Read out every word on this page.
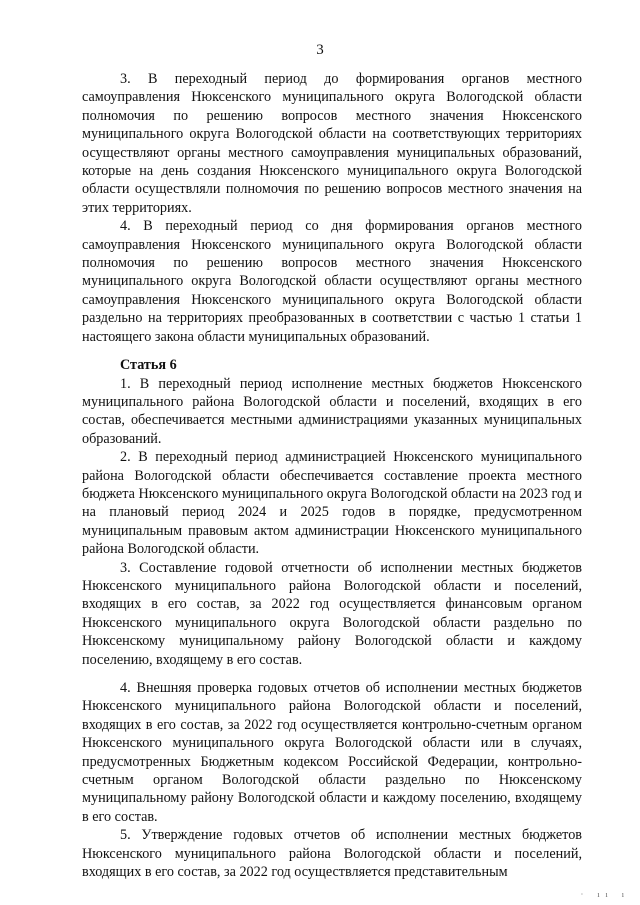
3

3. В переходный период до формирования органов местного самоуправления Нюксенского муниципального округа Вологодской области полномочия по решению вопросов местного значения Нюксенского муниципального округа Вологодской области на соответствующих территориях осуществляют органы местного самоуправления муниципальных образований, которые на день создания Нюксенского муниципального округа Вологодской области осуществляли полномочия по решению вопросов местного значения на этих территориях.

4. В переходный период со дня формирования органов местного самоуправления Нюксенского муниципального округа Вологодской области полномочия по решению вопросов местного значения Нюксенского муниципального округа Вологодской области осуществляют органы местного самоуправления Нюксенского муниципального округа Вологодской области раздельно на территориях преобразованных в соответствии с частью 1 статьи 1 настоящего закона области муниципальных образований.

Статья 6

1. В переходный период исполнение местных бюджетов Нюксенского муниципального района Вологодской области и поселений, входящих в его состав, обеспечивается местными администрациями указанных муниципальных образований.

2. В переходный период администрацией Нюксенского муниципального района Вологодской области обеспечивается составление проекта местного бюджета Нюксенского муниципального округа Вологодской области на 2023 год и на плановый период 2024 и 2025 годов в порядке, предусмотренном муниципальным правовым актом администрации Нюксенского муниципального района Вологодской области.

3. Составление годовой отчетности об исполнении местных бюджетов Нюксенского муниципального района Вологодской области и поселений, входящих в его состав, за 2022 год осуществляется финансовым органом Нюксенского муниципального округа Вологодской области раздельно по Нюксенскому муниципальному району Вологодской области и каждому поселению, входящему в его состав.

4. Внешняя проверка годовых отчетов об исполнении местных бюджетов Нюксенского муниципального района Вологодской области и поселений, входящих в его состав, за 2022 год осуществляется контрольно-счетным органом Нюксенского муниципального округа Вологодской области или в случаях, предусмотренных Бюджетным кодексом Российской Федерации, контрольно-счетным органом Вологодской области раздельно по Нюксенскому муниципальному району Вологодской области и каждому поселению, входящему в его состав.

5. Утверждение годовых отчетов об исполнении местных бюджетов Нюксенского муниципального района Вологодской области и поселений, входящих в его состав, за 2022 год осуществляется представительным

· ıı ı
